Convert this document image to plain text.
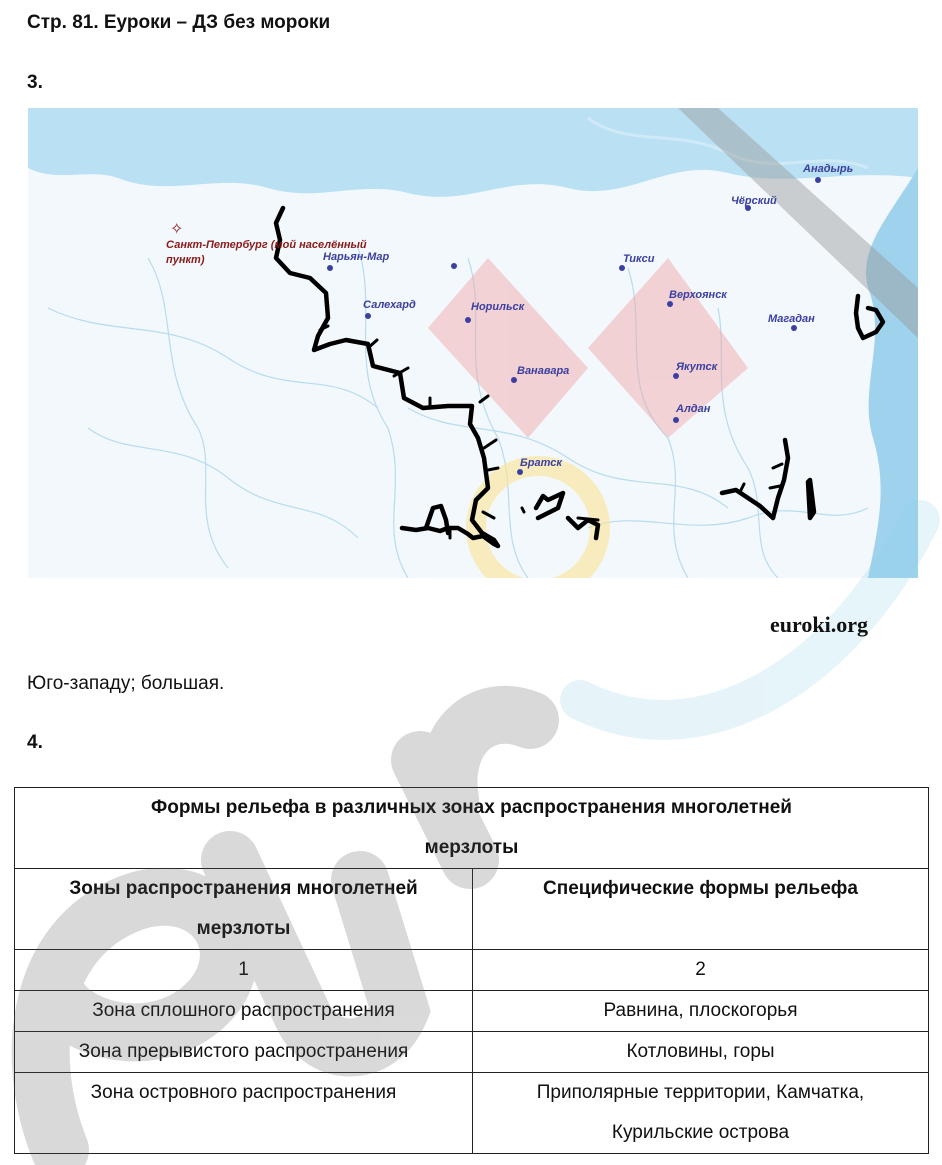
Стр. 81. Еуроки – ДЗ без мороки
3.
✧
Санкт-Петербург (мой населённый
пункт)	Нарьян-Мар
Салехард	Норильск
Ванавара
Братск
Тикси
Верхоянск
Якутск
Алдан
Чёрский
Анадырь
Магадан
euroki.org
Юго-западу; большая.
4.
Формы рельефа в различных зонах распространения многолетней
мерзлоты	

Зоны распространения многолетней
мерзлоты	Специфические формы рельефа
1	2
Зона сплошного распространения	Равнина, плоскогорья
Зона прерывистого распространения	Котловины, горы
Зона островного распространения	Приполярные территории, Камчатка,
Курильские острова
